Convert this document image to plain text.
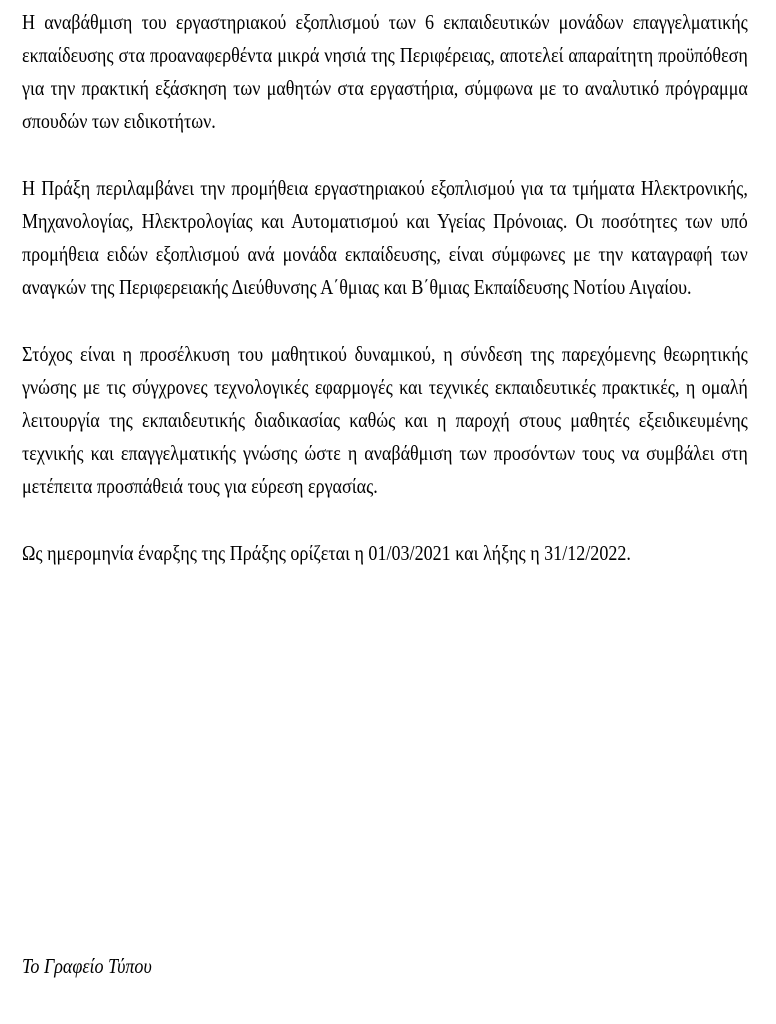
Η αναβάθμιση του εργαστηριακού εξοπλισμού των 6 εκπαιδευτικών μονάδων επαγγελματικής εκπαίδευσης στα προαναφερθέντα μικρά νησιά της Περιφέρειας, αποτελεί απαραίτητη προϋπόθεση για την πρακτική εξάσκηση των μαθητών στα εργαστήρια, σύμφωνα με το αναλυτικό πρόγραμμα σπουδών των ειδικοτήτων.

Η Πράξη περιλαμβάνει την προμήθεια εργαστηριακού εξοπλισμού για τα τμήματα Ηλεκτρονικής, Μηχανολογίας, Ηλεκτρολογίας και Αυτοματισμού και Υγείας Πρόνοιας. Οι ποσότητες των υπό προμήθεια ειδών εξοπλισμού ανά μονάδα εκπαίδευσης, είναι σύμφωνες με την καταγραφή των αναγκών της Περιφερειακής Διεύθυνσης Α΄θμιας και Β΄θμιας Εκπαίδευσης Νοτίου Αιγαίου.

Στόχος είναι η προσέλκυση του μαθητικού δυναμικού, η σύνδεση της παρεχόμενης θεωρητικής γνώσης με τις σύγχρονες τεχνολογικές εφαρμογές και τεχνικές εκπαιδευτικές πρακτικές, η ομαλή λειτουργία της εκπαιδευτικής διαδικασίας καθώς και η παροχή στους μαθητές εξειδικευμένης τεχνικής και επαγγελματικής γνώσης ώστε η αναβάθμιση των προσόντων τους να συμβάλει στη μετέπειτα προσπάθειά τους για εύρεση εργασίας.

Ως ημερομηνία έναρξης της Πράξης ορίζεται η 01/03/2021 και λήξης η 31/12/2022.

Το Γραφείο Τύπου
